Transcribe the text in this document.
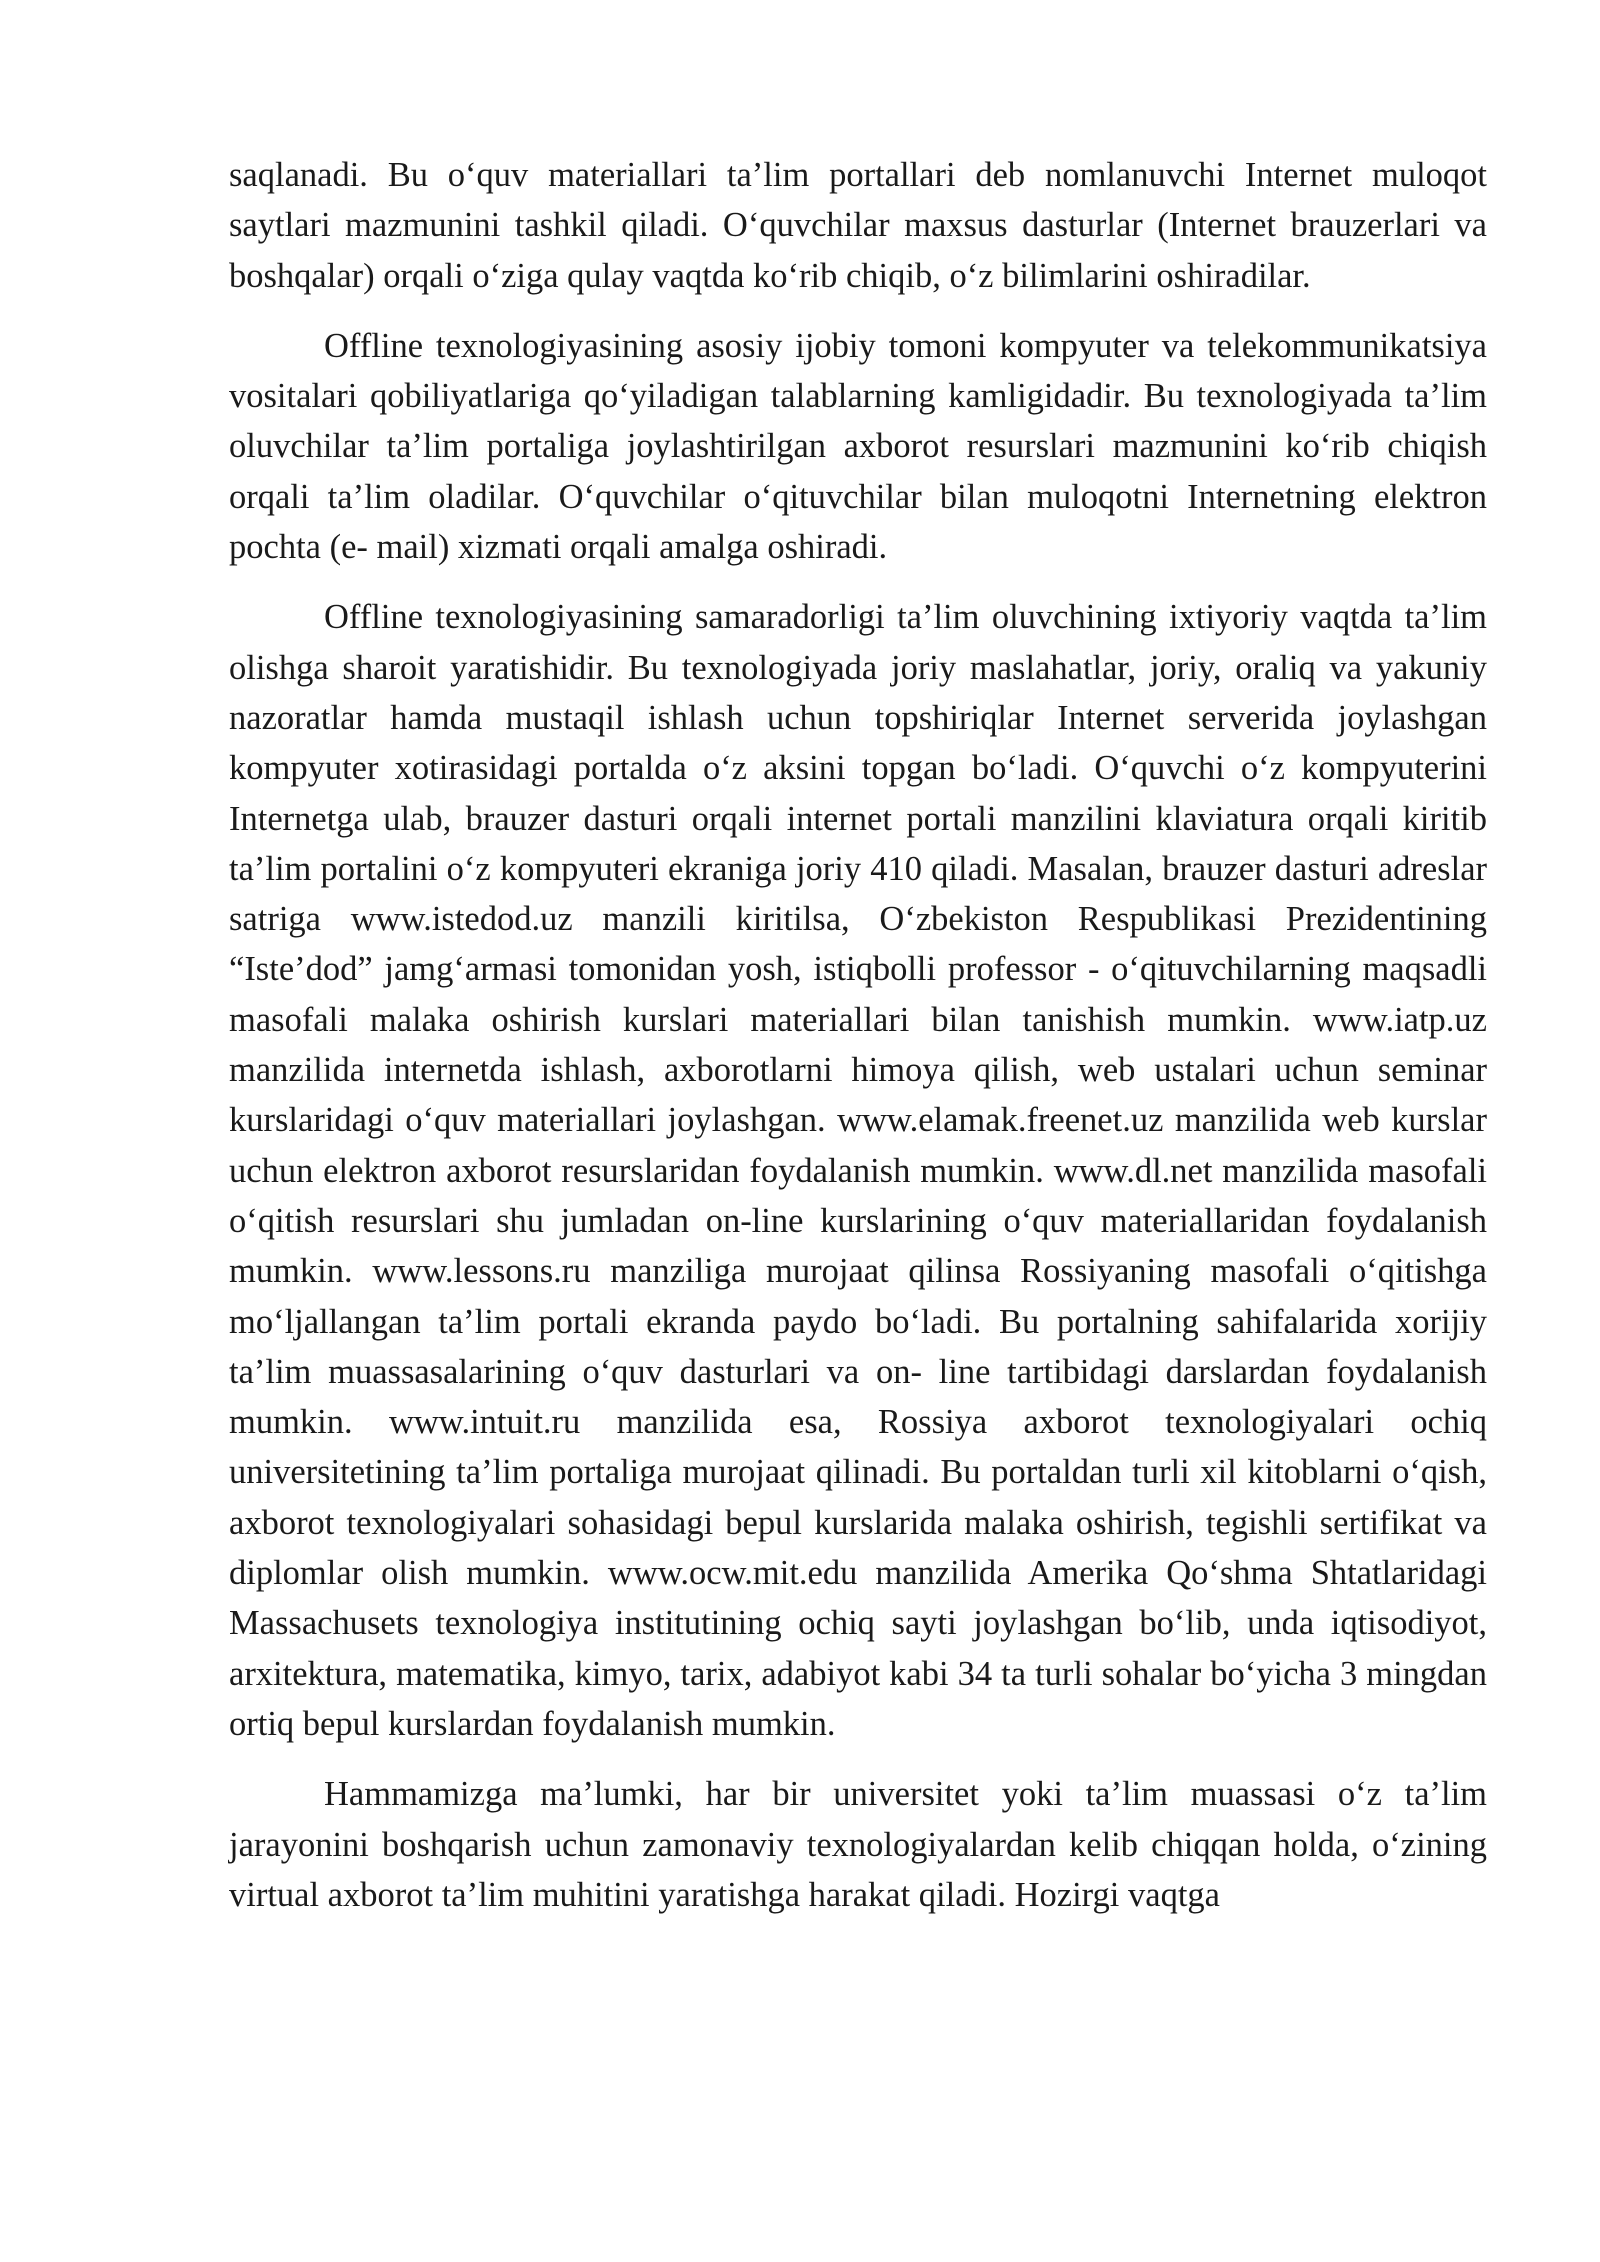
saqlanadi. Bu o‘quv materiallari ta’lim portallari deb nomlanuvchi Internet muloqot saytlari mazmunini tashkil qiladi. O‘quvchilar maxsus dasturlar (Internet brauzerlari va boshqalar) orqali o‘ziga qulay vaqtda ko‘rib chiqib, o‘z bilimlarini oshiradilar.

Offline texnologiyasining asosiy ijobiy tomoni kompyuter va telekommunikatsiya vositalari qobiliyatlariga qo‘yiladigan talablarning kamligidadir. Bu texnologiyada ta’lim oluvchilar ta’lim portaliga joylashtirilgan axborot resurslari mazmunini ko‘rib chiqish orqali ta’lim oladilar. O‘quvchilar o‘qituvchilar bilan muloqotni Internetning elektron pochta (e- mail) xizmati orqali amalga oshiradi.

Offline texnologiyasining samaradorligi ta’lim oluvchining ixtiyoriy vaqtda ta’lim olishga sharoit yaratishidir. Bu texnologiyada joriy maslahatlar, joriy, oraliq va yakuniy nazoratlar hamda mustaqil ishlash uchun topshiriqlar Internet serverida joylashgan kompyuter xotirasidagi portalda o‘z aksini topgan bo‘ladi. O‘quvchi o‘z kompyuterini Internetga ulab, brauzer dasturi orqali internet portali manzilini klaviatura orqali kiritib ta’lim portalini o‘z kompyuteri ekraniga joriy 410 qiladi. Masalan, brauzer dasturi adreslar satriga www.istedod.uz manzili kiritilsa, O‘zbekiston Respublikasi Prezidentining “Iste’dod” jamg‘armasi tomonidan yosh, istiqbolli professor - o‘qituvchilarning maqsadli masofali malaka oshirish kurslari materiallari bilan tanishish mumkin. www.iatp.uz manzilida internetda ishlash, axborotlarni himoya qilish, web ustalari uchun seminar kurslaridagi o‘quv materiallari joylashgan. www.elamak.freenet.uz manzilida web kurslar uchun elektron axborot resurslaridan foydalanish mumkin. www.dl.net manzilida masofali o‘qitish resurslari shu jumladan on-line kurslarining o‘quv materiallaridan foydalanish mumkin. www.lessons.ru manziliga murojaat qilinsa Rossiyaning masofali o‘qitishga mo‘ljallangan ta’lim portali ekranda paydo bo‘ladi. Bu portalning sahifalarida xorijiy ta’lim muassasalarining o‘quv dasturlari va on- line tartibidagi darslardan foydalanish mumkin. www.intuit.ru manzilida esa, Rossiya axborot texnologiyalari ochiq universitetining ta’lim portaliga murojaat qilinadi. Bu portaldan turli xil kitoblarni o‘qish, axborot texnologiyalari sohasidagi bepul kurslarida malaka oshirish, tegishli sertifikat va diplomlar olish mumkin. www.ocw.mit.edu manzilida Amerika Qo‘shma Shtatlaridagi Massachusets texnologiya institutining ochiq sayti joylashgan bo‘lib, unda iqtisodiyot, arxitektura, matematika, kimyo, tarix, adabiyot kabi 34 ta turli sohalar bo‘yicha 3 mingdan ortiq bepul kurslardan foydalanish mumkin.

Hammamizga ma’lumki, har bir universitet yoki ta’lim muassasi o‘z ta’lim jarayonini boshqarish uchun zamonaviy texnologiyalardan kelib chiqqan holda, o‘zining virtual axborot ta’lim muhitini yaratishga harakat qiladi. Hozirgi vaqtga
